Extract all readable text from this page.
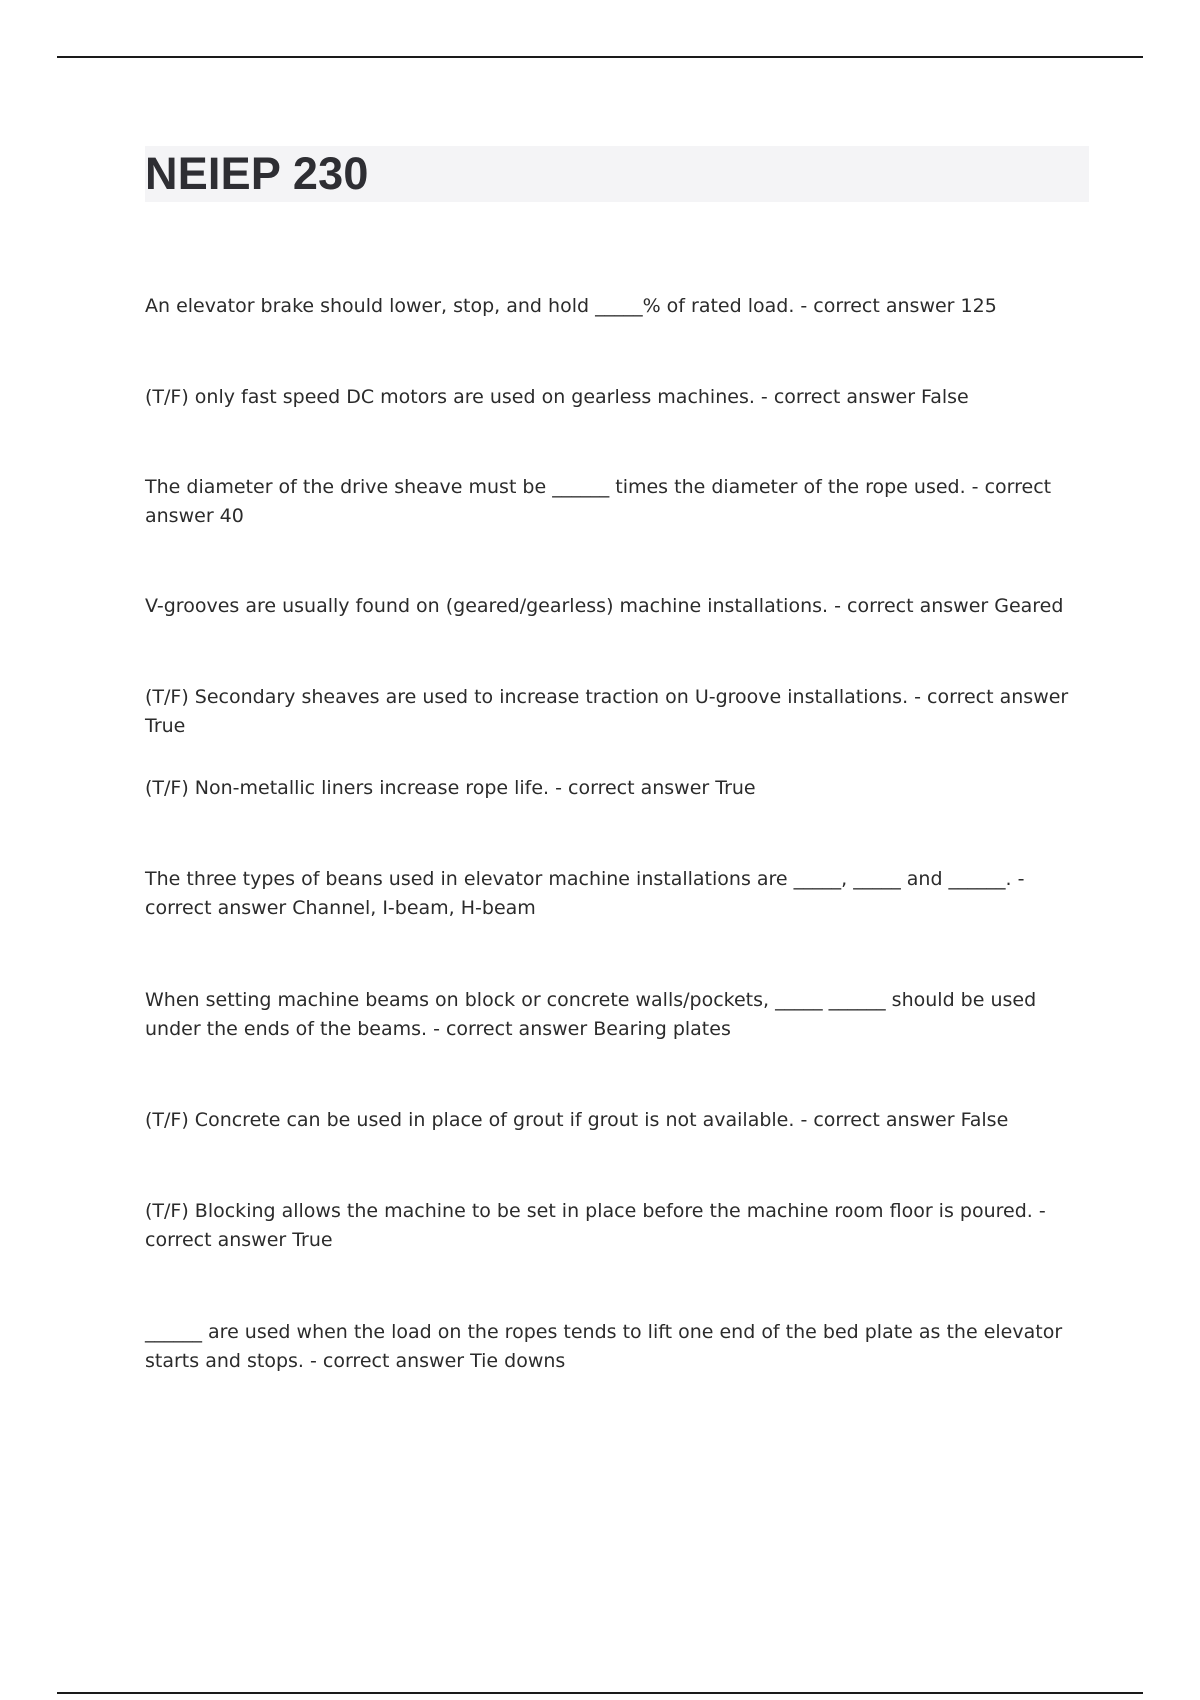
NEIEP 230

An elevator brake should lower, stop, and hold _____% of rated load. - correct answer 125

(T/F) only fast speed DC motors are used on gearless machines. - correct answer False

The diameter of the drive sheave must be ______ times the diameter of the rope used. - correct answer 40

V-grooves are usually found on (geared/gearless) machine installations. - correct answer Geared

(T/F) Secondary sheaves are used to increase traction on U-groove installations. - correct answer True

(T/F) Non-metallic liners increase rope life. - correct answer True

The three types of beans used in elevator machine installations are _____, _____ and ______. - correct answer Channel, I-beam, H-beam

When setting machine beams on block or concrete walls/pockets, _____ ______ should be used under the ends of the beams. - correct answer Bearing plates

(T/F) Concrete can be used in place of grout if grout is not available. - correct answer False

(T/F) Blocking allows the machine to be set in place before the machine room floor is poured. - correct answer True

______ are used when the load on the ropes tends to lift one end of the bed plate as the elevator starts and stops. - correct answer Tie downs
